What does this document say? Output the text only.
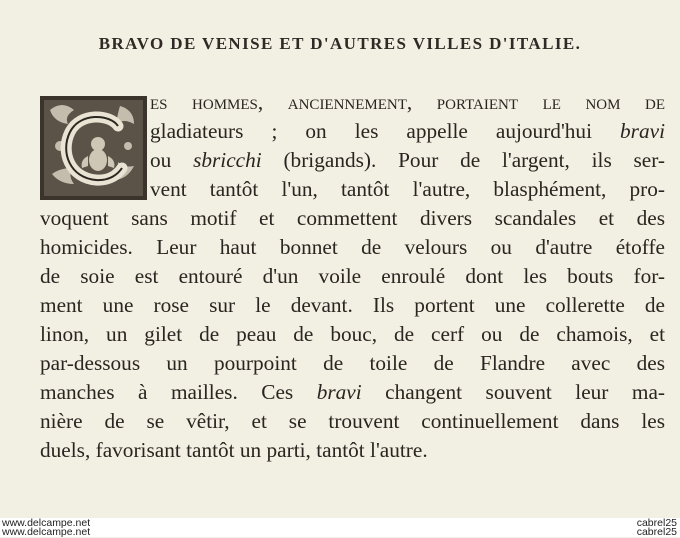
BRAVO DE VENISE ET D'AUTRES VILLES D'ITALIE.
es hommes, anciennement, portaient le nom de
gladiateurs ; on les appelle aujourd'hui bravi
ou sbricchi (brigands). Pour de l'argent, ils ser-
vent tantôt l'un, tantôt l'autre, blasphément, pro-
voquent sans motif et commettent divers scandales et des
homicides. Leur haut bonnet de velours ou d'autre étoffe
de soie est entouré d'un voile enroulé dont les bouts for-
ment une rose sur le devant. Ils portent une collerette de
linon, un gilet de peau de bouc, de cerf ou de chamois, et
par-dessous un pourpoint de toile de Flandre avec des
manches à mailles. Ces bravi changent souvent leur ma-
nière de se vêtir, et se trouvent continuellement dans les
duels, favorisant tantôt un parti, tantôt l'autre.
www.delcampe.net
www.delcampe.net
cabrel25
cabrel25
